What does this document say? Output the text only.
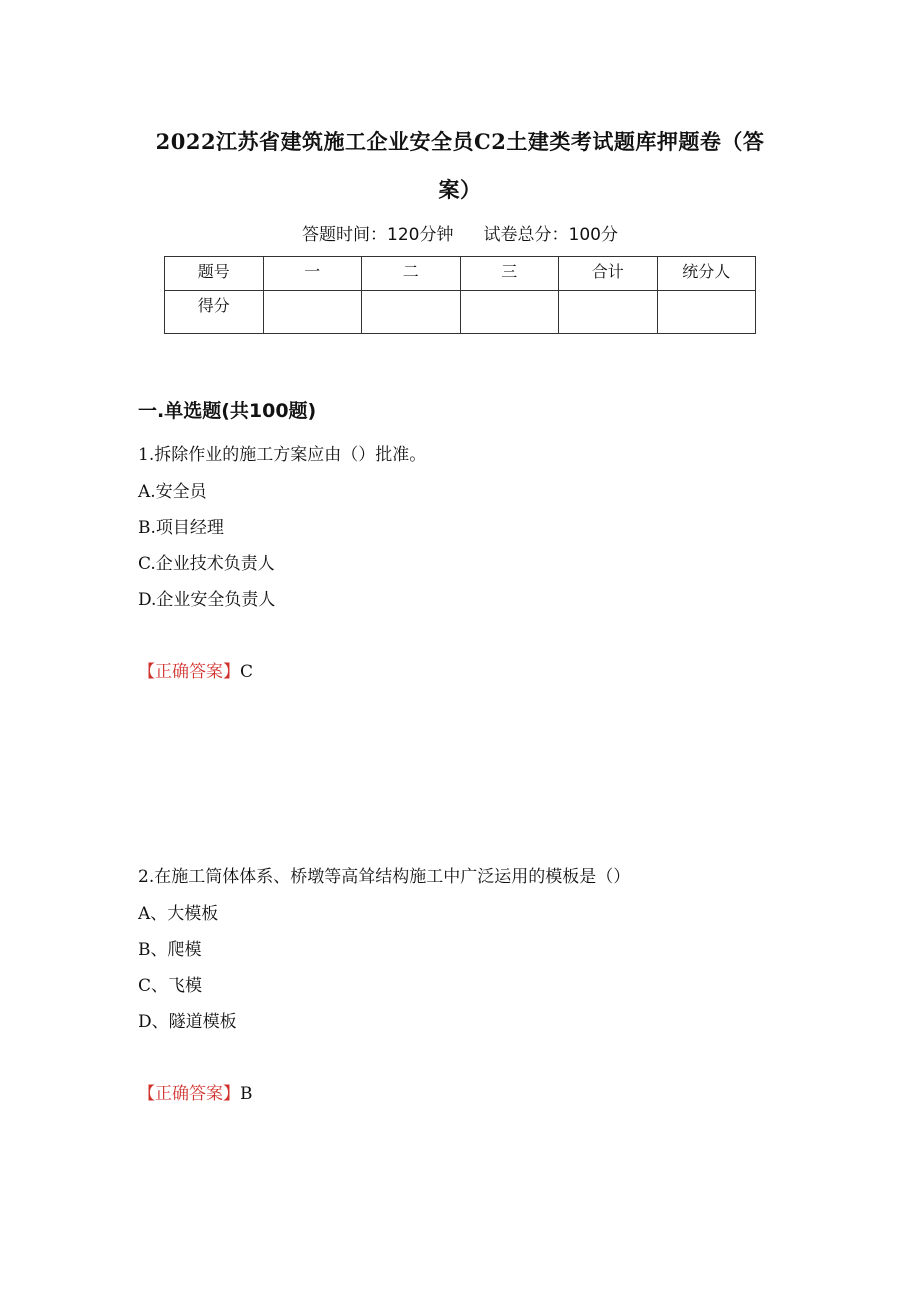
2022江苏省建筑施工企业安全员C2土建类考试题库押题卷（答案）
答题时间：120分钟 试卷总分：100分
题号	一	二	三	合计	统分人
得分					
一.单选题(共100题)
1.拆除作业的施工方案应由（）批准。
A.安全员
B.项目经理
C.企业技术负责人
D.企业安全负责人
【正确答案】C
2.在施工筒体体系、桥墩等高耸结构施工中广泛运用的模板是（）
A、大模板
B、爬模
C、飞模
D、隧道模板
【正确答案】B
